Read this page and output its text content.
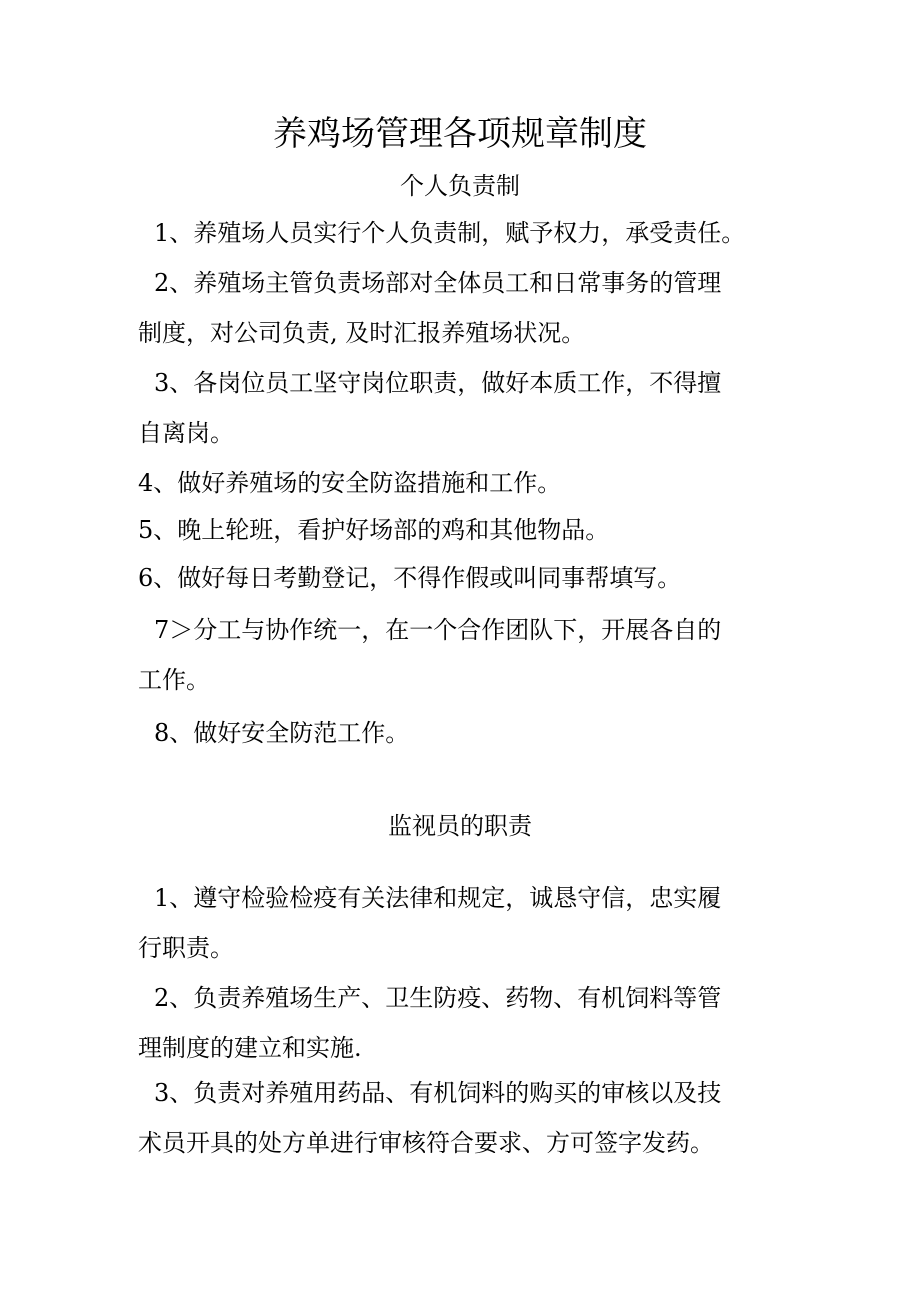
养鸡场管理各项规章制度
个人负责制

1、养殖场人员实行个人负责制，赋予权力，承受责任。

2、养殖场主管负责场部对全体员工和日常事务的管理
制度，对公司负责, 及时汇报养殖场状况。

3、各岗位员工坚守岗位职责，做好本质工作，不得擅
自离岗。

4、做好养殖场的安全防盗措施和工作。

5、晚上轮班，看护好场部的鸡和其他物品。

6、做好每日考勤登记，不得作假或叫同事帮填写。

7＞分工与协作统一，在一个合作团队下，开展各自的
工作。

8、做好安全防范工作。

监视员的职责

1、遵守检验检疫有关法律和规定，诚恳守信，忠实履
行职责。

2、负责养殖场生产、卫生防疫、药物、有机饲料等管
理制度的建立和实施.

3、负责对养殖用药品、有机饲料的购买的审核以及技
术员开具的处方单进行审核符合要求、方可签字发药。
